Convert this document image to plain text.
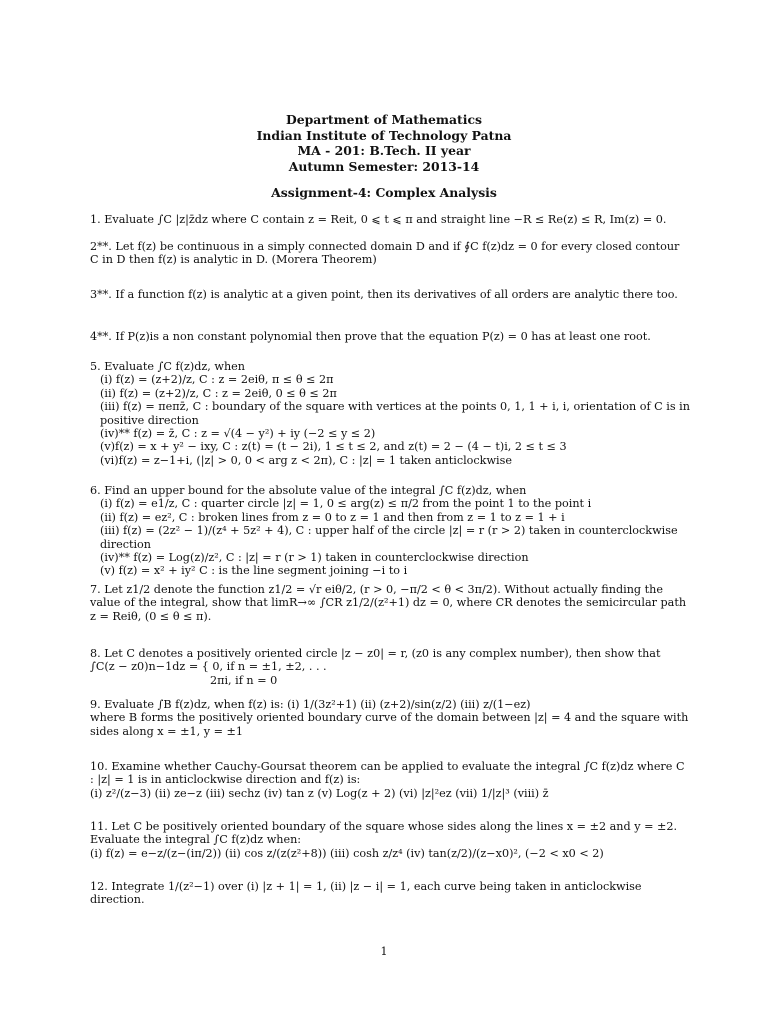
Department of Mathematics
Indian Institute of Technology Patna
MA - 201: B.Tech. II year
Autumn Semester: 2013-14
Assignment-4: Complex Analysis

1. Evaluate ∫C |z|z̄dz where C contain z = Reit, 0 ⩽ t ⩽ π and straight line −R ≤ Re(z) ≤ R, Im(z) = 0.

2**. Let f(z) be continuous in a simply connected domain D and if ∮C f(z)dz = 0 for every closed contour C in D then f(z) is analytic in D. (Morera Theorem)

3**. If a function f(z) is analytic at a given point, then its derivatives of all orders are analytic there too.

4**. If P(z)is a non constant polynomial then prove that the equation P(z) = 0 has at least one root.

5. Evaluate ∫C f(z)dz, when

(i) f(z) = (z+2)/z, C : z = 2eiθ, π ≤ θ ≤ 2π

(ii) f(z) = (z+2)/z, C : z = 2eiθ, 0 ≤ θ ≤ 2π

(iii) f(z) = πeπz̄, C : boundary of the square with vertices at the points 0, 1, 1 + i, i, orientation of C is in positive direction

(iv)** f(z) = z̄, C : z = √(4 − y²) + iy (−2 ≤ y ≤ 2)

(v)f(z) = x + y² − ixy, C : z(t) = (t − 2i), 1 ≤ t ≤ 2, and z(t) = 2 − (4 − t)i, 2 ≤ t ≤ 3

(vi)f(z) = z−1+i, (|z| > 0, 0 < arg z < 2π), C : |z| = 1 taken anticlockwise

6. Find an upper bound for the absolute value of the integral ∫C f(z)dz, when

(i) f(z) = e1/z, C : quarter circle |z| = 1, 0 ≤ arg(z) ≤ π/2 from the point 1 to the point i

(ii) f(z) = ez², C : broken lines from z = 0 to z = 1 and then from z = 1 to z = 1 + i

(iii) f(z) = (2z² − 1)/(z⁴ + 5z² + 4), C : upper half of the circle |z| = r (r > 2) taken in counterclockwise direction

(iv)** f(z) = Log(z)/z², C : |z| = r (r > 1) taken in counterclockwise direction

(v) f(z) = x² + iy² C : is the line segment joining −i to i

7. Let z1/2 denote the function z1/2 = √r eiθ/2, (r > 0, −π/2 < θ < 3π/2). Without actually finding the value of the integral, show that limR→∞ ∫CR z1/2/(z²+1) dz = 0, where CR denotes the semicircular path z = Reiθ, (0 ≤ θ ≤ π).

8. Let C denotes a positively oriented circle |z − z0| = r, (z0 is any complex number), then show that

∫C(z − z0)n−1dz = { 0, if n = ±1, ±2, . . .

2πi, if n = 0

9. Evaluate ∫B f(z)dz, when f(z) is: (i) 1/(3z²+1) (ii) (z+2)/sin(z/2) (iii) z/(1−ez)

where B forms the positively oriented boundary curve of the domain between |z| = 4 and the square with sides along x = ±1, y = ±1

10. Examine whether Cauchy-Goursat theorem can be applied to evaluate the integral ∫C f(z)dz where C : |z| = 1 is in anticlockwise direction and f(z) is:

(i) z²/(z−3) (ii) ze−z (iii) sechz (iv) tan z (v) Log(z + 2) (vi) |z|²ez (vii) 1/|z|³ (viii) z̄

11. Let C be positively oriented boundary of the square whose sides along the lines x = ±2 and y = ±2. Evaluate the integral ∫C f(z)dz when:

(i) f(z) = e−z/(z−(iπ/2)) (ii) cos z/(z(z²+8)) (iii) cosh z/z⁴ (iv) tan(z/2)/(z−x0)², (−2 < x0 < 2)

12. Integrate 1/(z²−1) over (i) |z + 1| = 1, (ii) |z − i| = 1, each curve being taken in anticlockwise direction.

1
